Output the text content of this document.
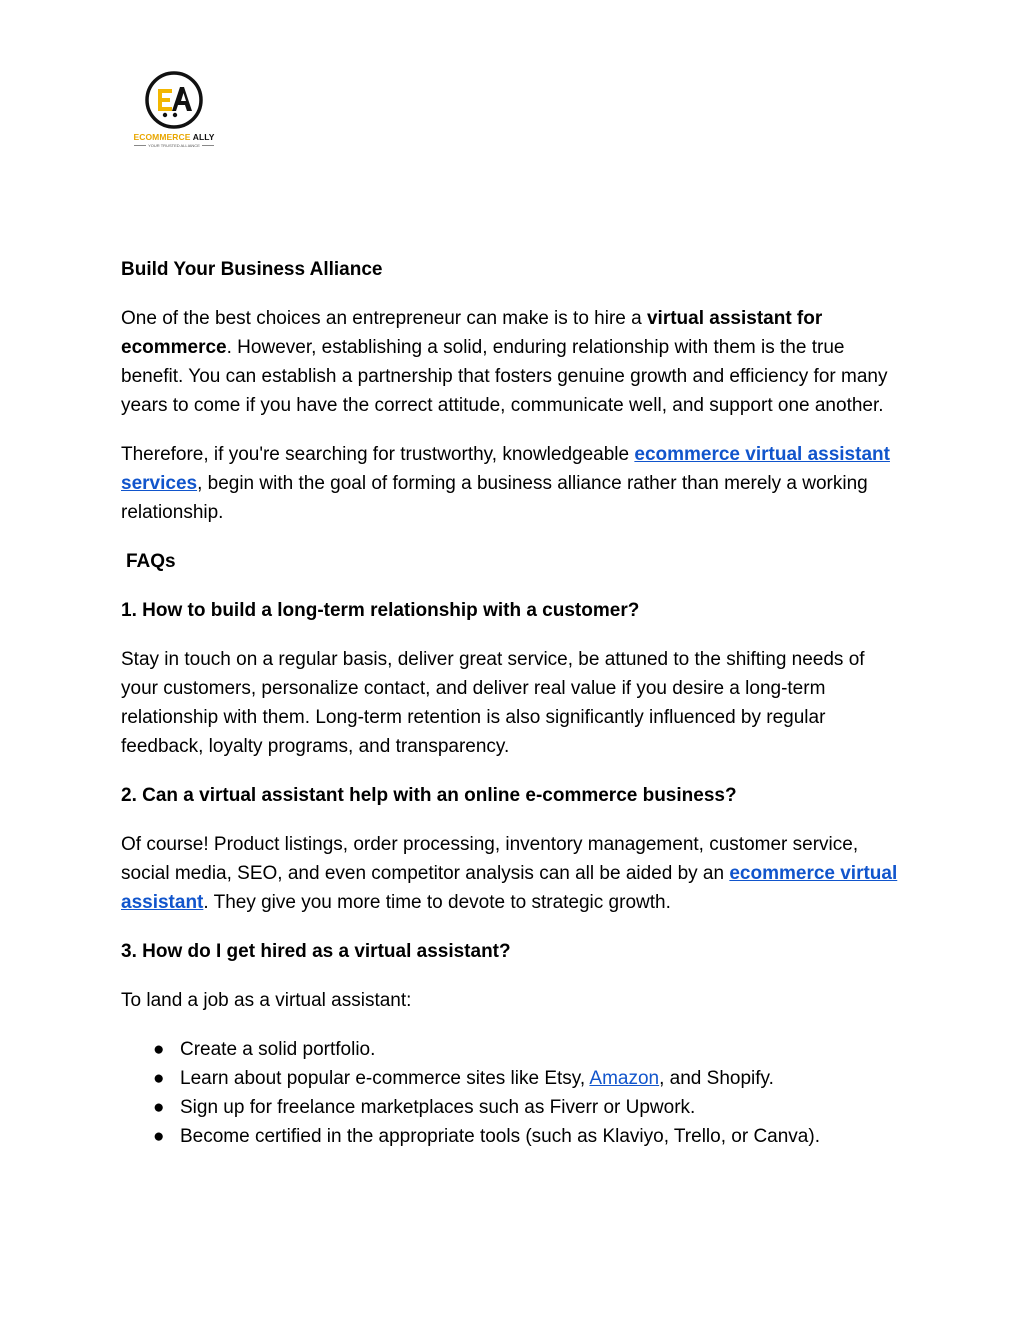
ECOMMERCE ALLY
YOUR TRUSTED ALLIANCE

Build Your Business Alliance

One of the best choices an entrepreneur can make is to hire a virtual assistant for ecommerce. However, establishing a solid, enduring relationship with them is the true benefit. You can establish a partnership that fosters genuine growth and efficiency for many years to come if you have the correct attitude, communicate well, and support one another.

Therefore, if you're searching for trustworthy, knowledgeable ecommerce virtual assistant services, begin with the goal of forming a business alliance rather than merely a working relationship.

FAQs

1. How to build a long-term relationship with a customer?

Stay in touch on a regular basis, deliver great service, be attuned to the shifting needs of your customers, personalize contact, and deliver real value if you desire a long-term relationship with them. Long-term retention is also significantly influenced by regular feedback, loyalty programs, and transparency.

2. Can a virtual assistant help with an online e-commerce business?

Of course! Product listings, order processing, inventory management, customer service, social media, SEO, and even competitor analysis can all be aided by an ecommerce virtual assistant. They give you more time to devote to strategic growth.

3. How do I get hired as a virtual assistant?

To land a job as a virtual assistant:

● Create a solid portfolio.
● Learn about popular e-commerce sites like Etsy, Amazon, and Shopify.
● Sign up for freelance marketplaces such as Fiverr or Upwork.
● Become certified in the appropriate tools (such as Klaviyo, Trello, or Canva).
